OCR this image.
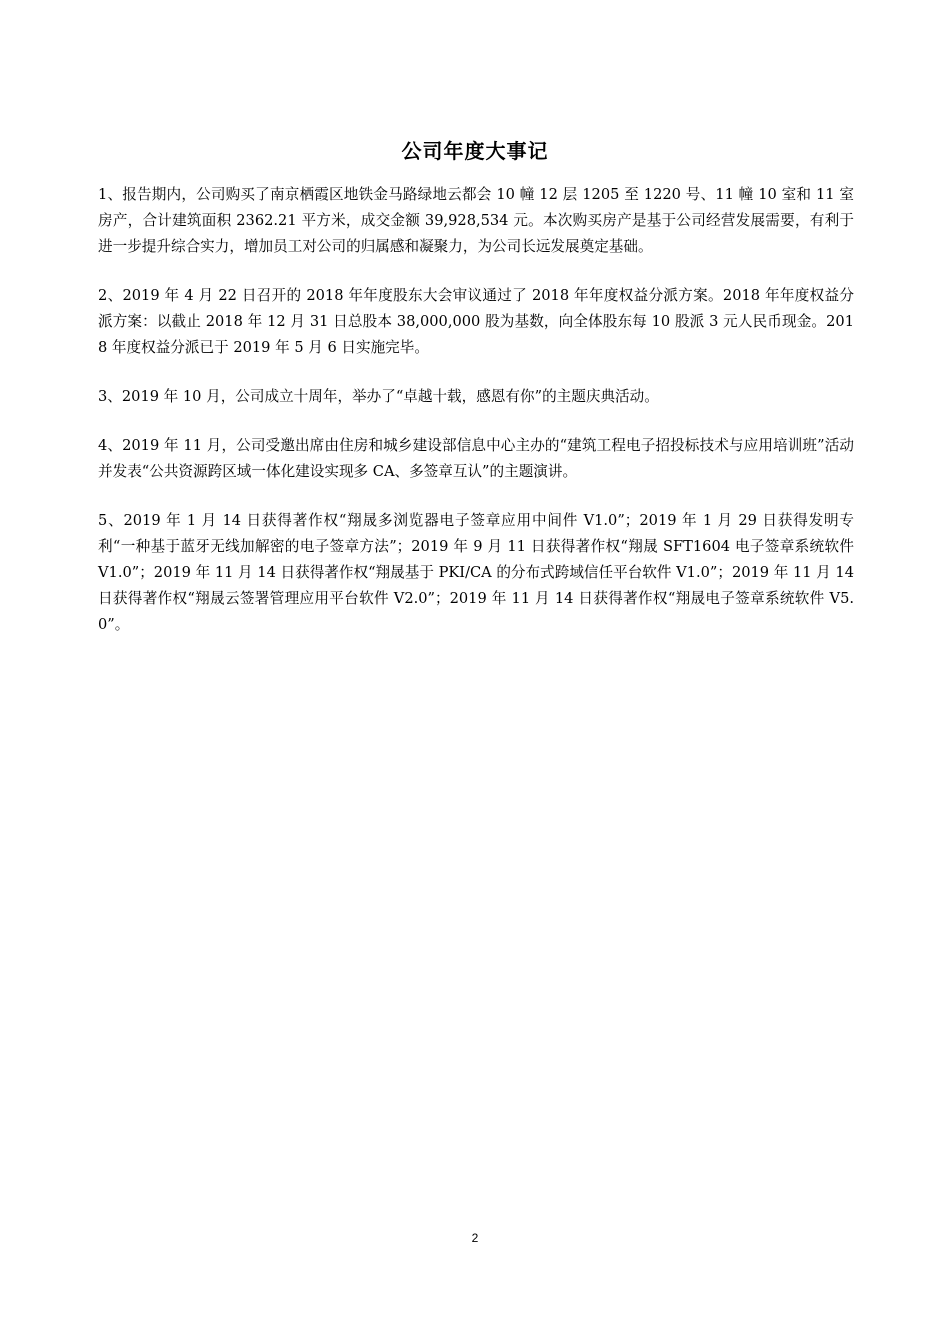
公司年度大事记

1、报告期内，公司购买了南京栖霞区地铁金马路绿地云都会 10 幢 12 层 1205 至 1220 号、11 幢 10 室和 11 室房产，合计建筑面积 2362.21 平方米，成交金额 39,928,534 元。本次购买房产是基于公司经营发展需要，有利于进一步提升综合实力，增加员工对公司的归属感和凝聚力，为公司长远发展奠定基础。

2、2019 年 4 月 22 日召开的 2018 年年度股东大会审议通过了 2018 年年度权益分派方案。2018 年年度权益分派方案：以截止 2018 年 12 月 31 日总股本 38,000,000 股为基数，向全体股东每 10 股派 3 元人民币现金。2018 年度权益分派已于 2019 年 5 月 6 日实施完毕。

3、2019 年 10 月，公司成立十周年，举办了“卓越十载，感恩有你”的主题庆典活动。

4、2019 年 11 月，公司受邀出席由住房和城乡建设部信息中心主办的“建筑工程电子招投标技术与应用培训班”活动并发表“公共资源跨区域一体化建设实现多 CA、多签章互认”的主题演讲。

5、2019 年 1 月 14 日获得著作权“翔晟多浏览器电子签章应用中间件 V1.0”；2019 年 1 月 29 日获得发明专利“一种基于蓝牙无线加解密的电子签章方法”；2019 年 9 月 11 日获得著作权“翔晟 SFT1604 电子签章系统软件 V1.0”；2019 年 11 月 14 日获得著作权“翔晟基于 PKI/CA 的分布式跨域信任平台软件 V1.0”；2019 年 11 月 14 日获得著作权“翔晟云签署管理应用平台软件 V2.0”；2019 年 11 月 14 日获得著作权“翔晟电子签章系统软件 V5.0”。

2
